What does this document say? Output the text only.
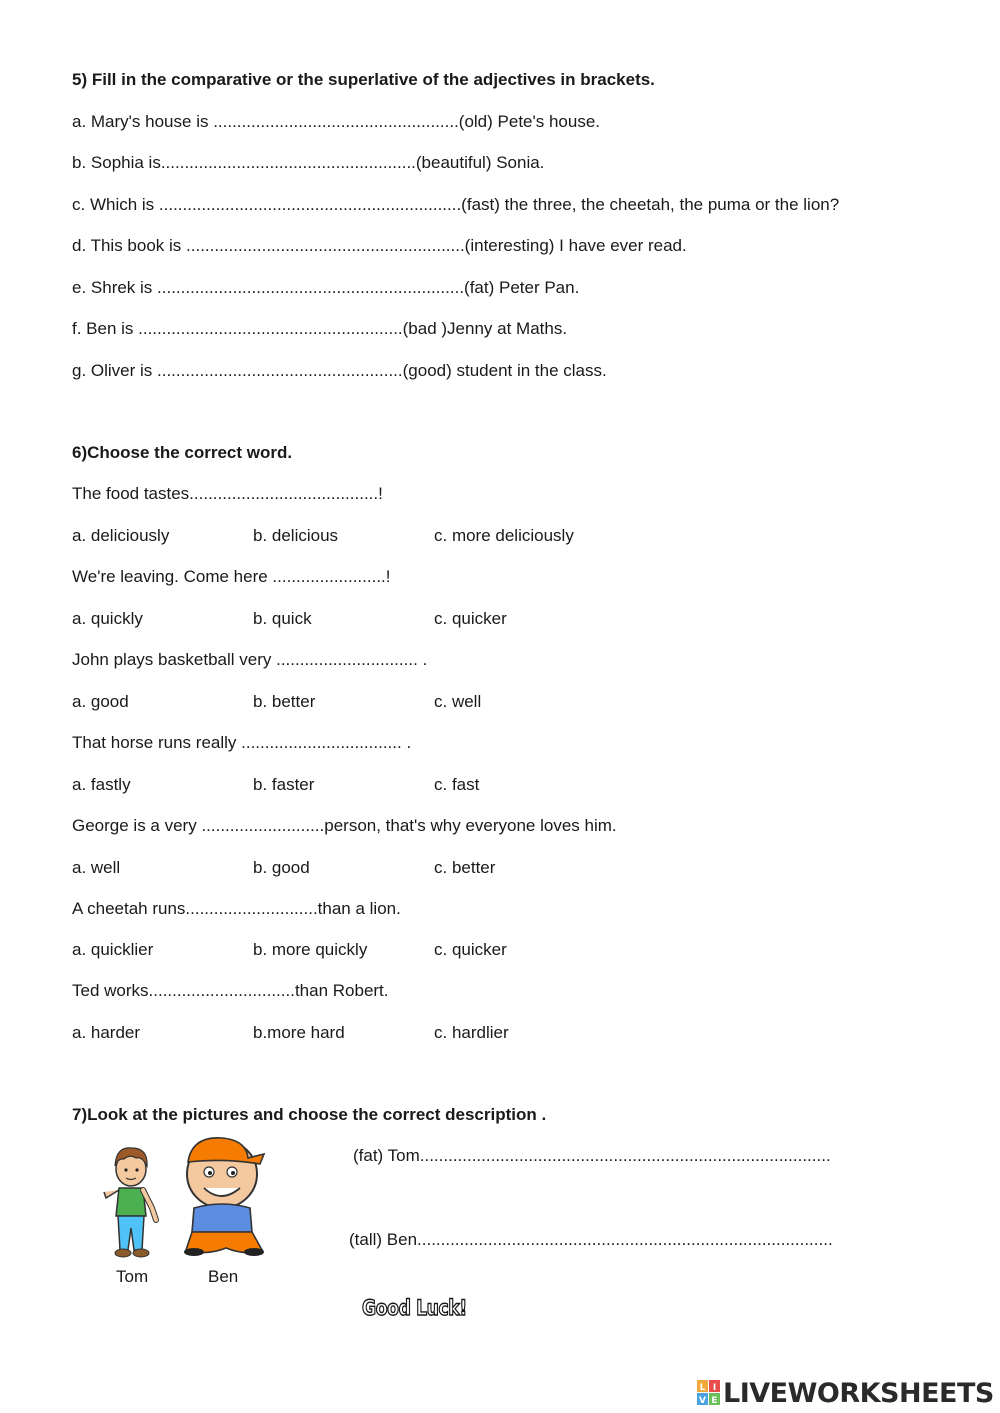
5) Fill in the comparative or the superlative of the adjectives in brackets.
a. Mary's house is ....................................................(old) Pete's house.
b. Sophia is......................................................(beautiful) Sonia.
c. Which is ................................................................(fast) the three, the cheetah, the puma or the lion?
d. This book is ...........................................................(interesting) I have ever read.
e. Shrek is .................................................................(fat) Peter Pan.
f. Ben is ........................................................(bad )Jenny at Maths.
g. Oliver is ....................................................(good) student in the class.
6)Choose the correct word.
The food tastes........................................!
a. deliciously	b. delicious	c. more deliciously
We're leaving. Come here ........................!
a. quickly	b. quick	c. quicker
John plays basketball very .............................. .
a. good	b. better	c. well
That horse runs really .................................. .
a. fastly	b. faster	c. fast
George is a very ..........................person, that's why everyone loves him.
a. well	b. good	c. better
A cheetah runs............................than a lion.
a. quicklier	b. more quickly	c. quicker
Ted works...............................than Robert.
a. harder	b.more hard	c. hardlier
7)Look at the pictures and choose the correct description .
Tom	Ben
(fat) Tom.......................................................................................
(tall) Ben........................................................................................
Good Luck!
L I
V E LIVEWORKSHEETS
